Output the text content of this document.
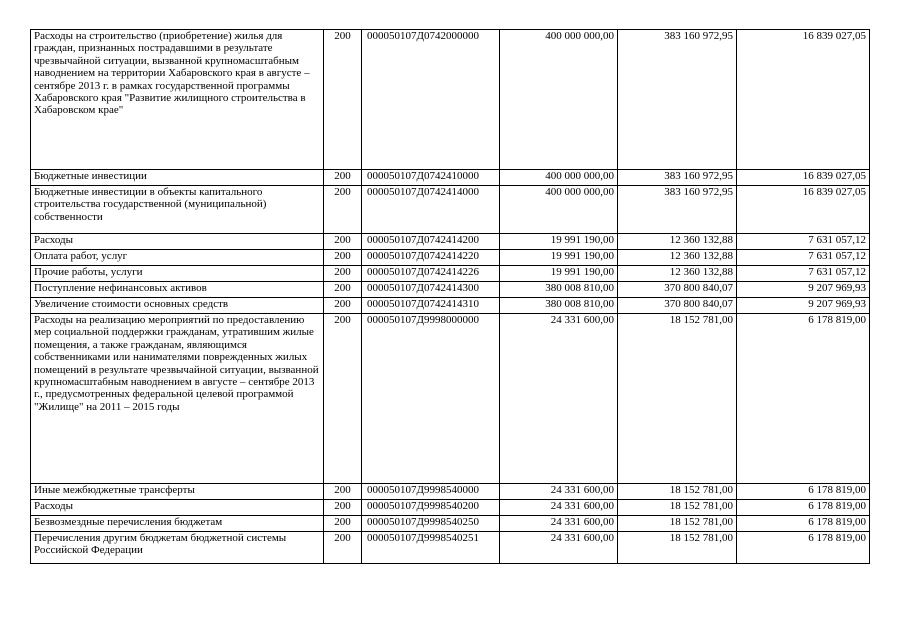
Расходы на строительство (приобретение) жилья для граждан, признанных пострадавшими в результате чрезвычайной ситуации, вызванной крупномасштабным наводнением на территории Хабаровского края в августе – сентябре 2013 г. в рамках государственной программы Хабаровского края "Развитие жилищного строительства в Хабаровском крае"	200	000050107Д0742000000	400 000 000,00	383 160 972,95	16 839 027,05
Бюджетные инвестиции	200	000050107Д0742410000	400 000 000,00	383 160 972,95	16 839 027,05
Бюджетные инвестиции в объекты капитального строительства государственной (муниципальной) собственности	200	000050107Д0742414000	400 000 000,00	383 160 972,95	16 839 027,05
Расходы	200	000050107Д0742414200	19 991 190,00	12 360 132,88	7 631 057,12
Оплата работ, услуг	200	000050107Д0742414220	19 991 190,00	12 360 132,88	7 631 057,12
Прочие работы, услуги	200	000050107Д0742414226	19 991 190,00	12 360 132,88	7 631 057,12
Поступление нефинансовых активов	200	000050107Д0742414300	380 008 810,00	370 800 840,07	9 207 969,93
Увеличение стоимости основных средств	200	000050107Д0742414310	380 008 810,00	370 800 840,07	9 207 969,93
Расходы на реализацию мероприятий по предоставлению мер социальной поддержки гражданам, утратившим жилые помещения, а также гражданам, являющимся собственниками или нанимателями поврежденных жилых помещений в результате чрезвычайной ситуации, вызванной крупномасштабным наводнением в августе – сентябре 2013 г., предусмотренных федеральной целевой программой "Жилище" на 2011 – 2015 годы	200	000050107Д9998000000	24 331 600,00	18 152 781,00	6 178 819,00
Иные межбюджетные трансферты	200	000050107Д9998540000	24 331 600,00	18 152 781,00	6 178 819,00
Расходы	200	000050107Д9998540200	24 331 600,00	18 152 781,00	6 178 819,00
Безвозмездные перечисления бюджетам	200	000050107Д9998540250	24 331 600,00	18 152 781,00	6 178 819,00
Перечисления другим бюджетам бюджетной системы Российской Федерации	200	000050107Д9998540251	24 331 600,00	18 152 781,00	6 178 819,00
